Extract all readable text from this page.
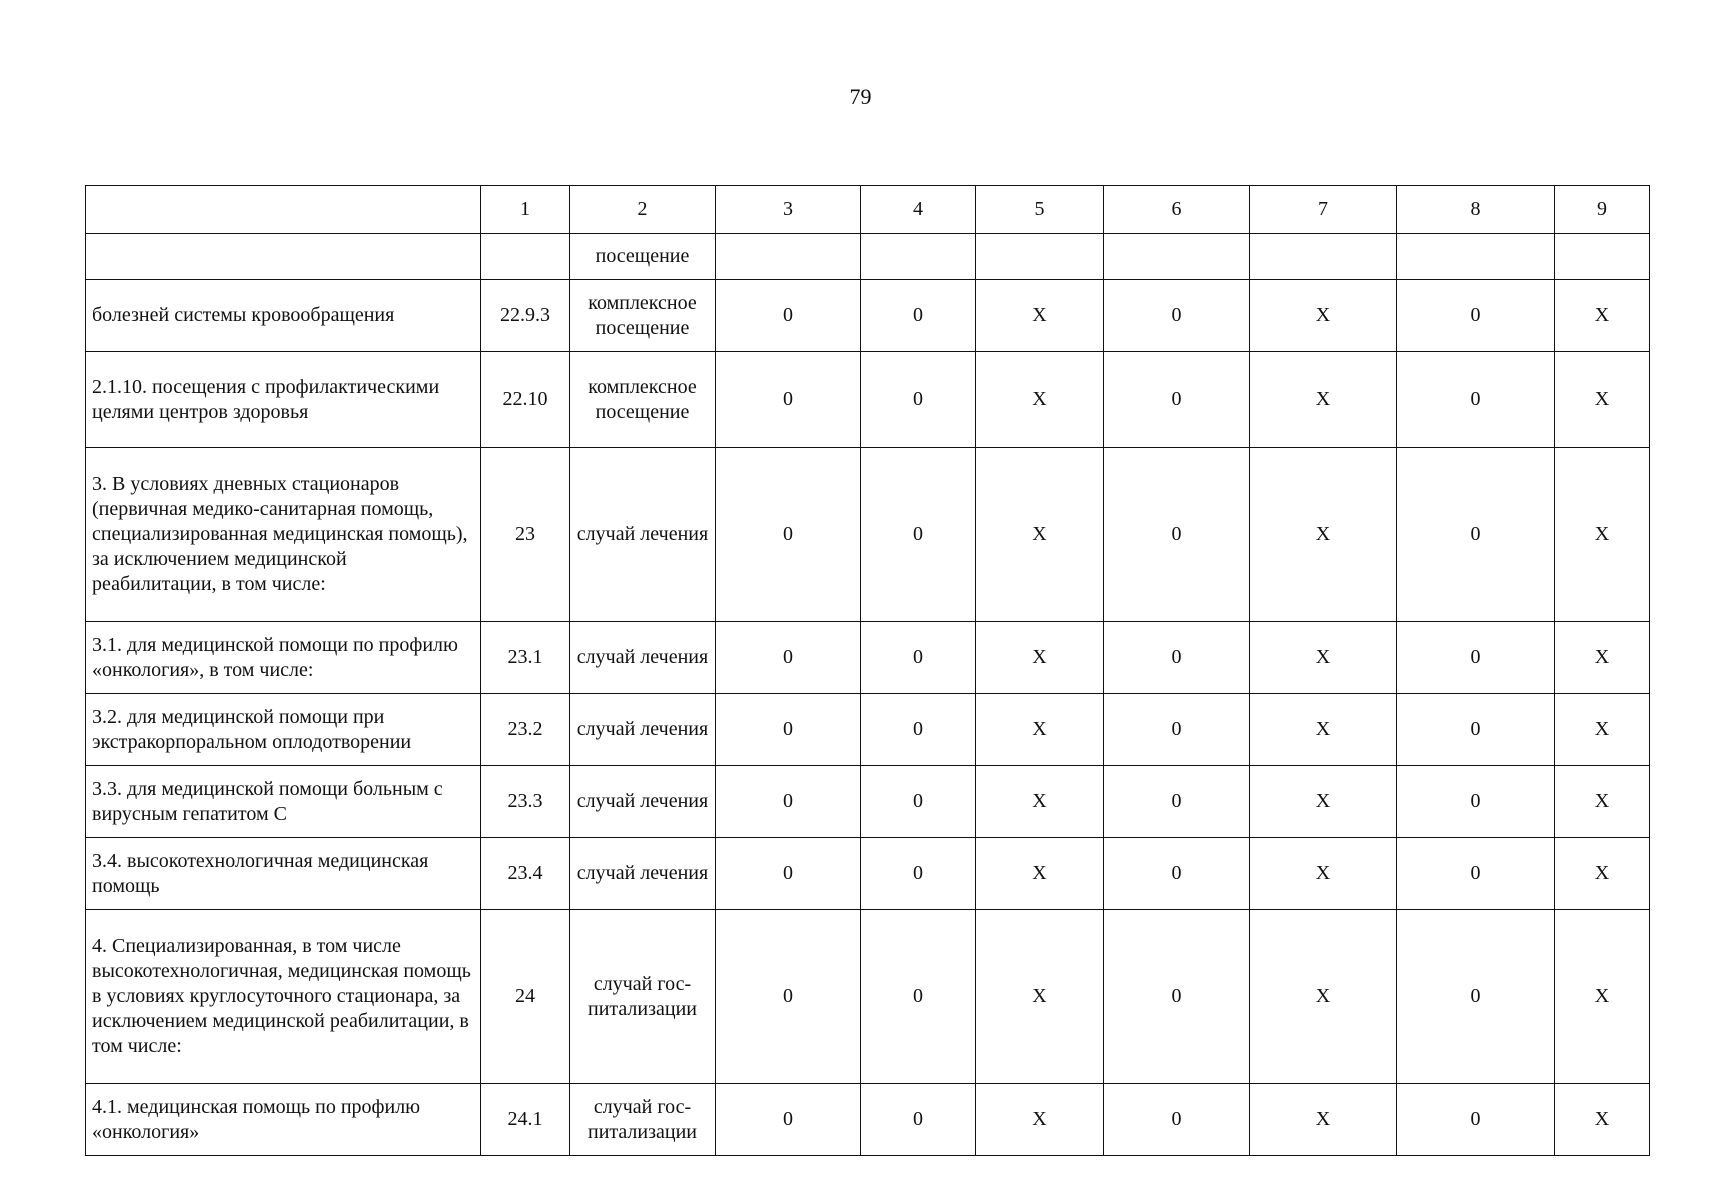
79
	1	2	3	4	5	6	7	8	9
		посещение							
болезней системы кровообращения	22.9.3	комплексное посещение	0	0	X	0	X	0	X
2.1.10. посещения с профилактическими целями центров здоровья	22.10	комплексное посещение	0	0	X	0	X	0	X
3. В условиях дневных стационаров (первичная медико-санитарная помощь, специализированная медицинская помощь), за исключением медицинской реабилитации, в том числе:	23	случай лечения	0	0	X	0	X	0	X
3.1. для медицинской помощи по профилю «онкология», в том числе:	23.1	случай лечения	0	0	X	0	X	0	X
3.2. для медицинской помощи при экстракорпоральном оплодотворении	23.2	случай лечения	0	0	X	0	X	0	X
3.3. для медицинской помощи больным с вирусным гепатитом С	23.3	случай лечения	0	0	X	0	X	0	X
3.4. высокотехнологичная медицинская помощь	23.4	случай лечения	0	0	X	0	X	0	X
4. Специализированная, в том числе высокотехнологичная, медицинская помощь в условиях круглосуточного стационара, за исключением медицинской реабилитации, в том числе:	24	случай гос-питализации	0	0	X	0	X	0	X
4.1. медицинская помощь по профилю «онкология»	24.1	случай гос-питализации	0	0	X	0	X	0	X
